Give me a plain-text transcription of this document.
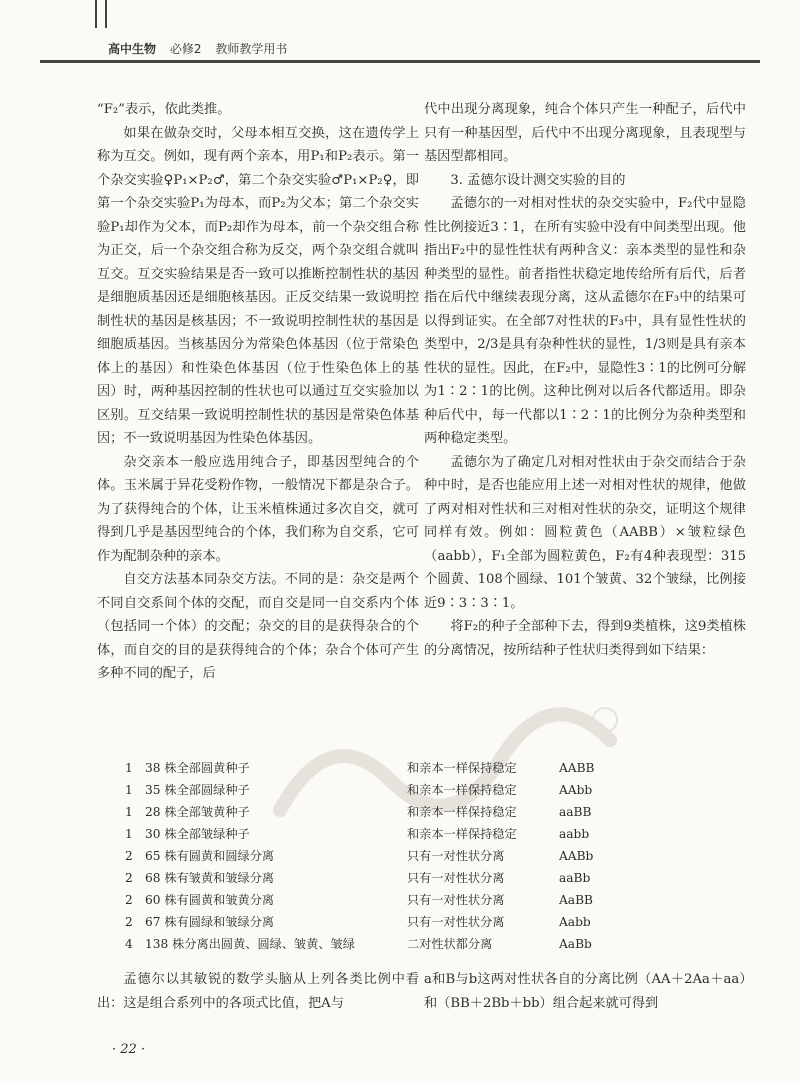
高中生物 必修2 教师教学用书

“F₂”表示，依此类推。

如果在做杂交时，父母本相互交换，这在遗传学上称为互交。例如，现有两个亲本，用P₁和P₂表示。第一个杂交实验♀P₁×P₂♂，第二个杂交实验♂P₁×P₂♀，即第一个杂交实验P₁为母本，而P₂为父本；第二个杂交实验P₁却作为父本，而P₂却作为母本，前一个杂交组合称为正交，后一个杂交组合称为反交，两个杂交组合就叫互交。互交实验结果是否一致可以推断控制性状的基因是细胞质基因还是细胞核基因。正反交结果一致说明控制性状的基因是核基因；不一致说明控制性状的基因是细胞质基因。当核基因分为常染色体基因（位于常染色体上的基因）和性染色体基因（位于性染色体上的基因）时，两种基因控制的性状也可以通过互交实验加以区别。互交结果一致说明控制性状的基因是常染色体基因；不一致说明基因为性染色体基因。

杂交亲本一般应选用纯合子，即基因型纯合的个体。玉米属于异花受粉作物，一般情况下都是杂合子。为了获得纯合的个体，让玉米植株通过多次自交，就可得到几乎是基因型纯合的个体，我们称为自交系，它可作为配制杂种的亲本。

自交方法基本同杂交方法。不同的是：杂交是两个不同自交系间个体的交配，而自交是同一自交系内个体（包括同一个体）的交配；杂交的目的是获得杂合的个体，而自交的目的是获得纯合的个体；杂合个体可产生多种不同的配子，后

代中出现分离现象，纯合个体只产生一种配子，后代中只有一种基因型，后代中不出现分离现象，且表现型与基因型都相同。

3. 孟德尔设计测交实验的目的

孟德尔的一对相对性状的杂交实验中，F₂代中显隐性比例接近3∶1，在所有实验中没有中间类型出现。他指出F₂中的显性性状有两种含义：亲本类型的显性和杂种类型的显性。前者指性状稳定地传给所有后代，后者指在后代中继续表现分离，这从孟德尔在F₃中的结果可以得到证实。在全部7对性状的F₃中，具有显性性状的类型中，2/3是具有杂种性状的显性，1/3则是具有亲本性状的显性。因此，在F₂中，显隐性3∶1的比例可分解为1∶2∶1的比例。这种比例对以后各代都适用。即杂种后代中，每一代都以1∶2∶1的比例分为杂种类型和两种稳定类型。

孟德尔为了确定几对相对性状由于杂交而结合于杂种中时，是否也能应用上述一对相对性状的规律，他做了两对相对性状和三对相对性状的杂交，证明这个规律同样有效。例如：圆粒黄色（AABB）×皱粒绿色（aabb），F₁全部为圆粒黄色，F₂有4种表现型：315个圆黄、108个圆绿、101个皱黄、32个皱绿，比例接近9∶3∶3∶1。

将F₂的种子全部种下去，得到9类植株，这9类植株的分离情况，按所结种子性状归类得到如下结果：

1	38 株全部圆黄种子	和亲本一样保持稳定	AABB
1	35 株全部圆绿种子	和亲本一样保持稳定	AAbb
1	28 株全部皱黄种子	和亲本一样保持稳定	aaBB
1	30 株全部皱绿种子	和亲本一样保持稳定	aabb
2	65 株有圆黄和圆绿分离	只有一对性状分离	AABb
2	68 株有皱黄和皱绿分离	只有一对性状分离	aaBb
2	60 株有圆黄和皱黄分离	只有一对性状分离	AaBB
2	67 株有圆绿和皱绿分离	只有一对性状分离	Aabb
4	138 株分离出圆黄、圆绿、皱黄、皱绿	二对性状都分离	AaBb

孟德尔以其敏锐的数学头脑从上列各类比例中看出：这是组合系列中的各项式比值，把A与

a和B与b这两对性状各自的分离比例（AA＋2Aa＋aa）和（BB＋2Bb＋bb）组合起来就可得到

· 22 ·
